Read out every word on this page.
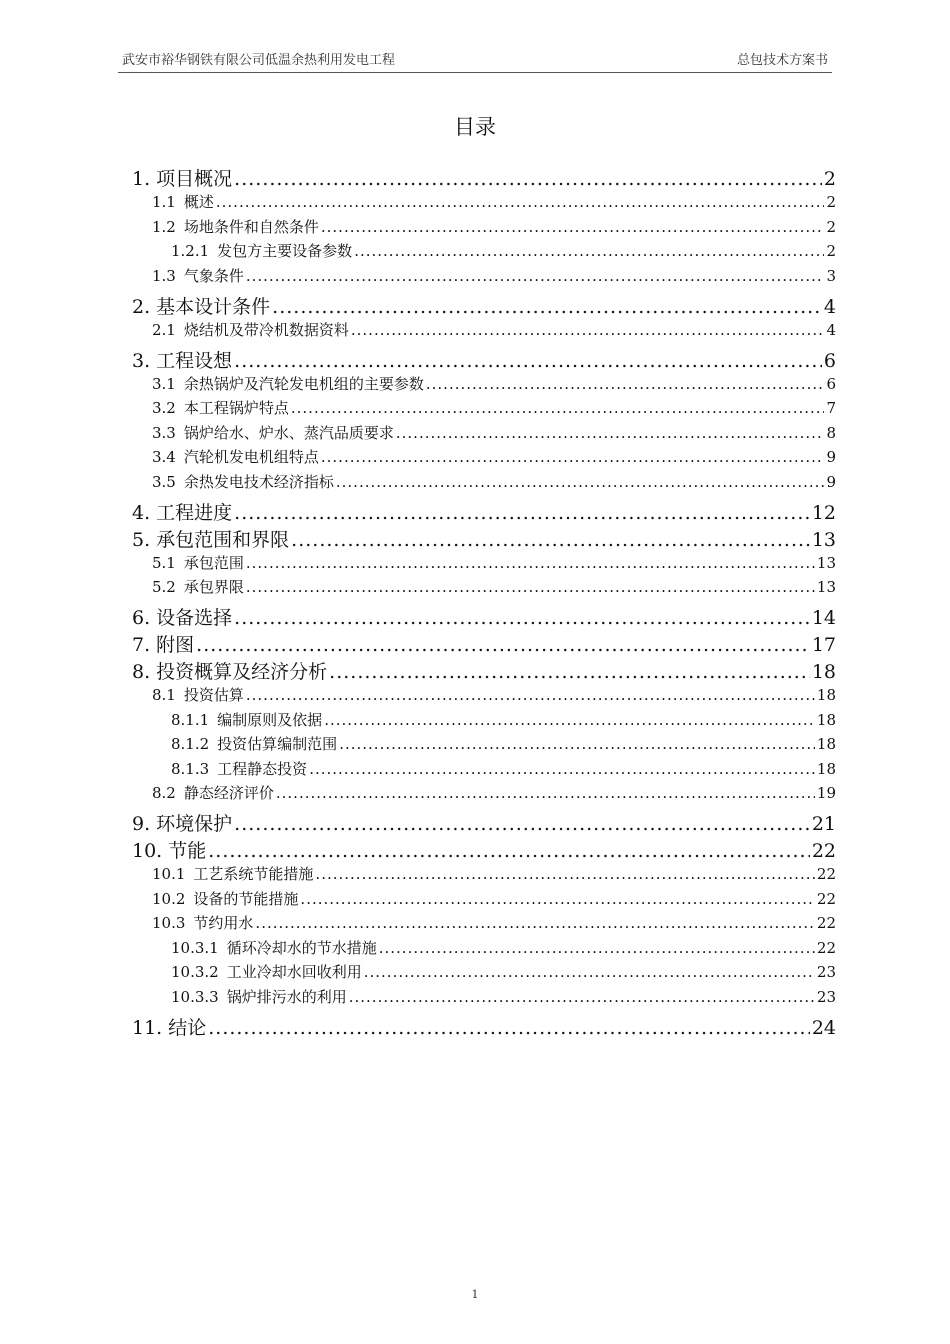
武安市裕华钢铁有限公司低温余热利用发电工程	总包技术方案书
目录
1. 项目概况 .....	2
1.1 概述 .....	2
1.2 场地条件和自然条件 .....	2
1.2.1 发包方主要设备参数 .....	2
1.3 气象条件 .....	3
2. 基本设计条件 .....	4
2.1 烧结机及带冷机数据资料 .....	4
3. 工程设想 .....	6
3.1 余热锅炉及汽轮发电机组的主要参数 .....	6
3.2 本工程锅炉特点 .....	7
3.3 锅炉给水、炉水、蒸汽品质要求 .....	8
3.4 汽轮机发电机组特点 .....	9
3.5 余热发电技术经济指标 .....	9
4. 工程进度 .....	12
5. 承包范围和界限 .....	13
5.1 承包范围 .....	13
5.2 承包界限 .....	13
6. 设备选择 .....	14
7. 附图 .....	17
8. 投资概算及经济分析 .....	18
8.1 投资估算 .....	18
8.1.1 编制原则及依据 .....	18
8.1.2 投资估算编制范围 .....	18
8.1.3 工程静态投资 .....	18
8.2 静态经济评价 .....	19
9. 环境保护 .....	21
10. 节能 .....	22
10.1 工艺系统节能措施 .....	22
10.2 设备的节能措施 .....	22
10.3 节约用水 .....	22
10.3.1 循环冷却水的节水措施 .....	22
10.3.2 工业冷却水回收利用 .....	23
10.3.3 锅炉排污水的利用 .....	23
11. 结论 .....	24
1
